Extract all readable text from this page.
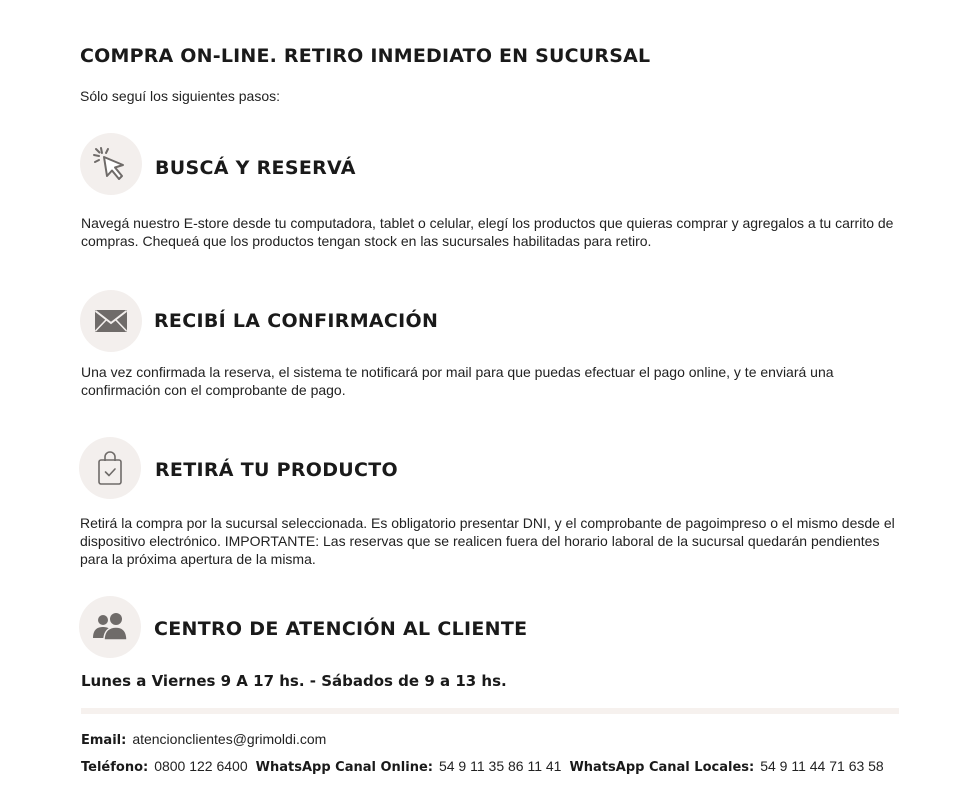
COMPRA ON-LINE. RETIRO INMEDIATO EN SUCURSAL
Sólo seguí los siguientes pasos:
BUSCÁ Y RESERVÁ

Navegá nuestro E-store desde tu computadora, tablet o celular, elegí los productos que quieras comprar y agregalos a tu carrito de compras. Chequeá que los productos tengan stock en las sucursales habilitadas para retiro.

RECIBÍ LA CONFIRMACIÓN

Una vez confirmada la reserva, el sistema te notificará por mail para que puedas efectuar el pago online, y te enviará una confirmación con el comprobante de pago.

RETIRÁ TU PRODUCTO

Retirá la compra por la sucursal seleccionada. Es obligatorio presentar DNI, y el comprobante de pagoimpreso o el mismo desde el dispositivo electrónico. IMPORTANTE: Las reservas que se realicen fuera del horario laboral de la sucursal quedarán pendientes para la próxima apertura de la misma.

CENTRO DE ATENCIÓN AL CLIENTE
Lunes a Viernes 9 A 17 hs. - Sábados de 9 a 13 hs.
Email: atencionclientes@grimoldi.com
Teléfono: 0800 122 6400 WhatsApp Canal Online: 54 9 11 35 86 11 41 WhatsApp Canal Locales: 54 9 11 44 71 63 58
